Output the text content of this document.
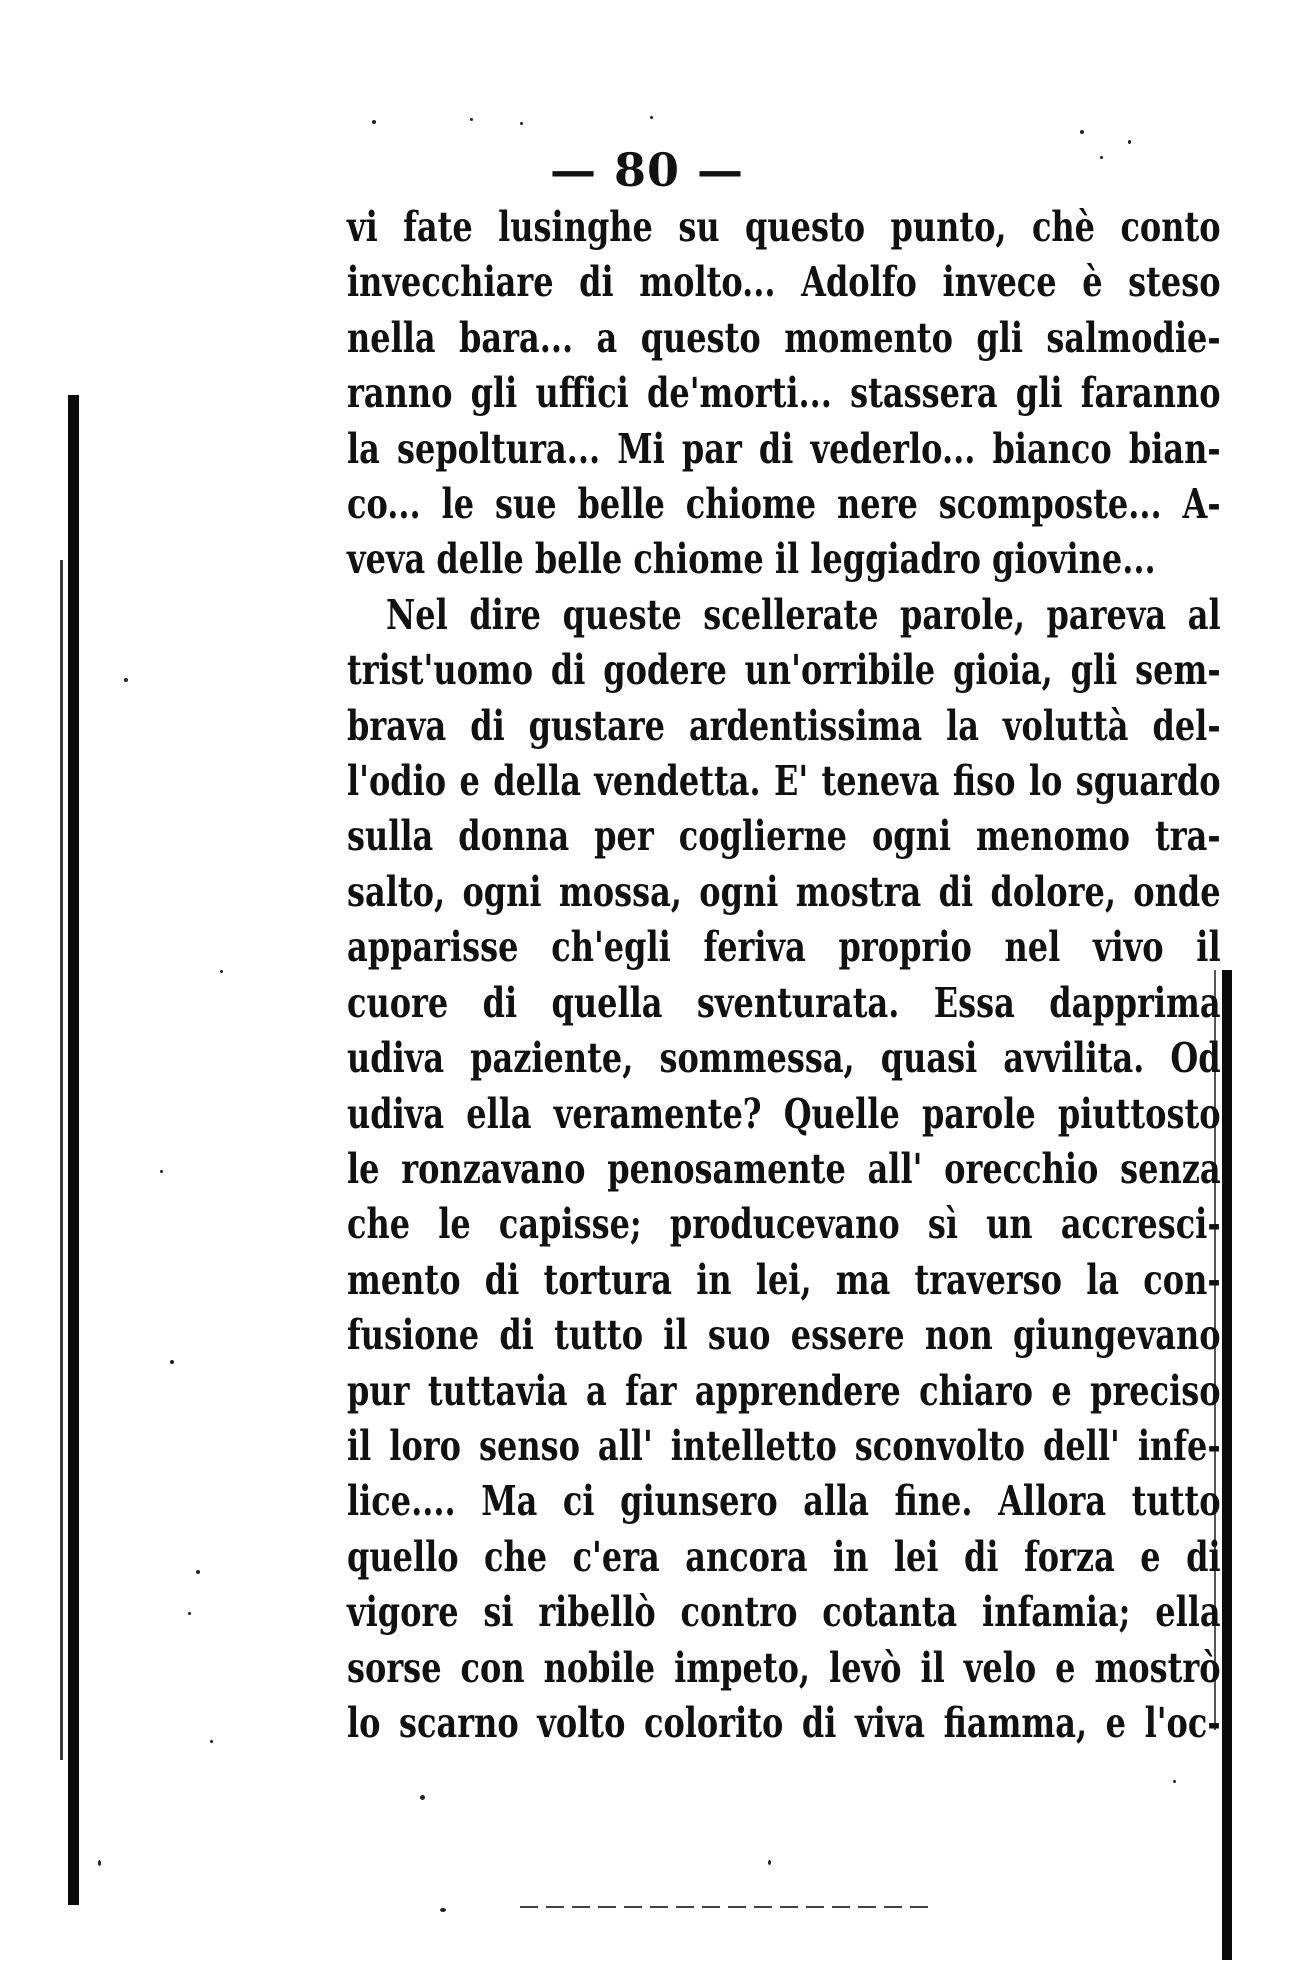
— 80 —
vi fate lusinghe su questo punto, chè conto
invecchiare di molto... Adolfo invece è steso
nella bara... a questo momento gli salmodie-
ranno gli uffici de'morti... stassera gli faranno
la sepoltura... Mi par di vederlo... bianco bian-
co... le sue belle chiome nere scomposte... A-
veva delle belle chiome il leggiadro giovine...
Nel dire queste scellerate parole, pareva al
trist'uomo di godere un'orribile gioia, gli sem-
brava di gustare ardentissima la voluttà del-
l'odio e della vendetta. E' teneva fiso lo sguardo
sulla donna per coglierne ogni menomo tra-
salto, ogni mossa, ogni mostra di dolore, onde
apparisse ch'egli feriva proprio nel vivo il
cuore di quella sventurata. Essa dapprima
udiva paziente, sommessa, quasi avvilita. Od
udiva ella veramente? Quelle parole piuttosto
le ronzavano penosamente all' orecchio senza
che le capisse; producevano sì un accresci-
mento di tortura in lei, ma traverso la con-
fusione di tutto il suo essere non giungevano
pur tuttavia a far apprendere chiaro e preciso
il loro senso all' intelletto sconvolto dell' infe-
lice.... Ma ci giunsero alla fine. Allora tutto
quello che c'era ancora in lei di forza e di
vigore si ribellò contro cotanta infamia; ella
sorse con nobile impeto, levò il velo e mostrò
lo scarno volto colorito di viva fiamma, e l'oc-
